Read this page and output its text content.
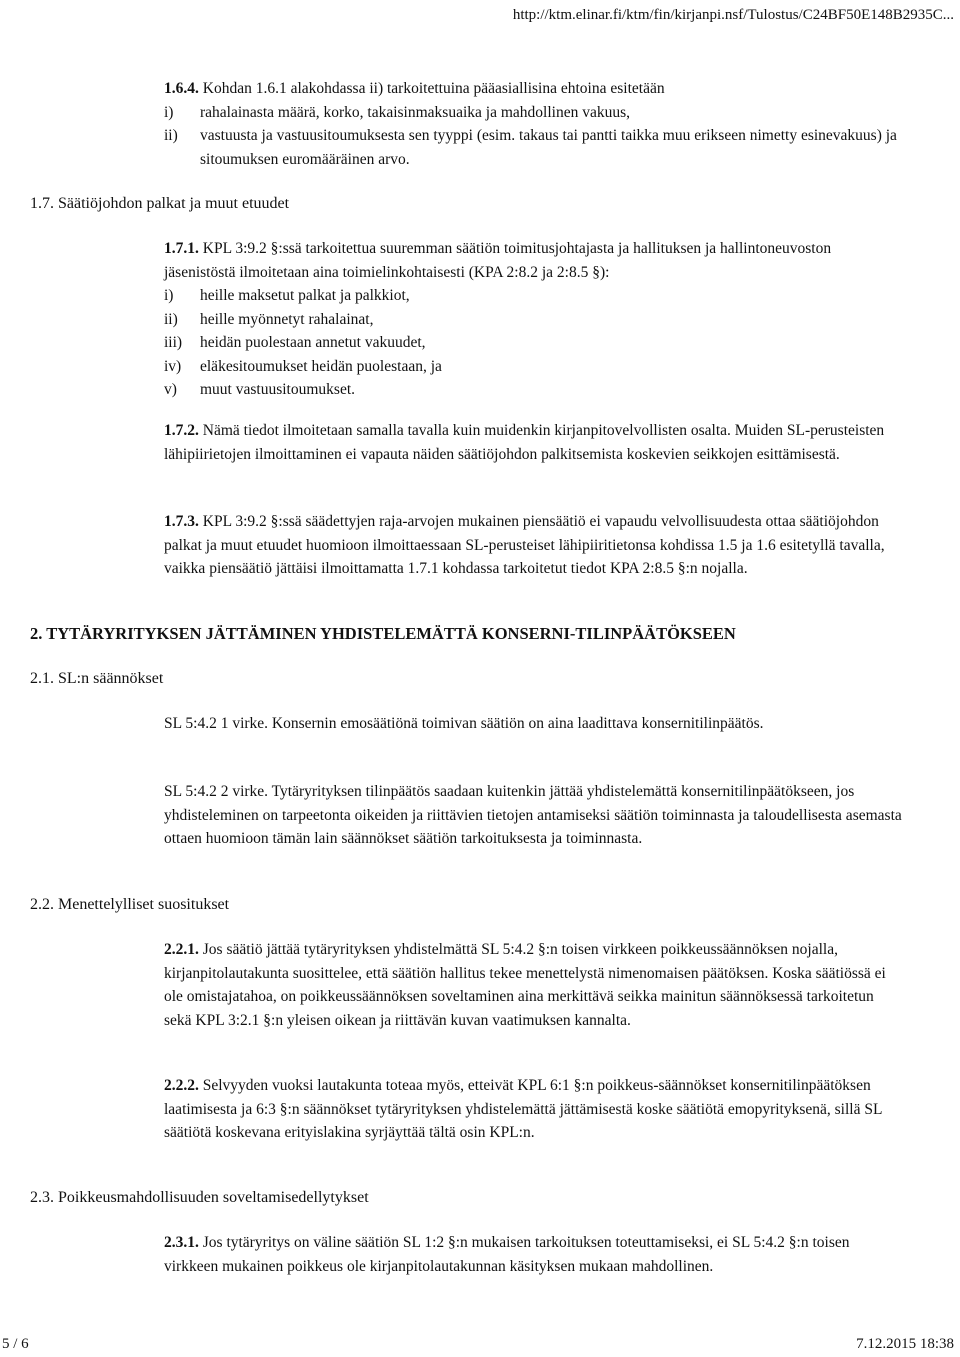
http://ktm.elinar.fi/ktm/fin/kirjanpi.nsf/Tulostus/C24BF50E148B2935C...

1.6.4. Kohdan 1.6.1 alakohdassa ii) tarkoitettuina pääasiallisina ehtoina esitetään

i)	rahalainasta määrä, korko, takaisinmaksuaika ja mahdollinen vakuus,
ii)	vastuusta ja vastuusitoumuksesta sen tyyppi (esim. takaus tai pantti taikka muu erikseen nimetty esinevakuus) ja sitoumuksen euromääräinen arvo.
1.7. Säätiöjohdon palkat ja muut etuudet

1.7.1. KPL 3:9.2 §:ssä tarkoitettua suuremman säätiön toimitusjohtajasta ja hallituksen ja hallintoneuvoston jäsenistöstä ilmoitetaan aina toimielinkohtaisesti (KPA 2:8.2 ja 2:8.5 §):

i)	heille maksetut palkat ja palkkiot,
ii)	heille myönnetyt rahalainat,
iii)	heidän puolestaan annetut vakuudet,
iv)	eläkesitoumukset heidän puolestaan, ja
v)	muut vastuusitoumukset.

1.7.2. Nämä tiedot ilmoitetaan samalla tavalla kuin muidenkin kirjanpitovelvollisten osalta. Muiden SL-perusteisten lähipiirietojen ilmoittaminen ei vapauta näiden säätiöjohdon palkitsemista koskevien seikkojen esittämisestä.

1.7.3. KPL 3:9.2 §:ssä säädettyjen raja-arvojen mukainen piensäätiö ei vapaudu velvollisuudesta ottaa säätiöjohdon palkat ja muut etuudet huomioon ilmoittaessaan SL-perusteiset lähipiiritietonsa kohdissa 1.5 ja 1.6 esitetyllä tavalla, vaikka piensäätiö jättäisi ilmoittamatta 1.7.1 kohdassa tarkoitetut tiedot KPA 2:8.5 §:n nojalla.

2. TYTÄRYRITYKSEN JÄTTÄMINEN YHDISTELEMÄTTÄ KONSERNI-TILINPÄÄTÖKSEEN
2.1. SL:n säännökset

SL 5:4.2 1 virke. Konsernin emosäätiönä toimivan säätiön on aina laadittava konsernitilinpäätös.

SL 5:4.2 2 virke. Tytäryrityksen tilinpäätös saadaan kuitenkin jättää yhdistelemättä konsernitilinpäätökseen, jos yhdisteleminen on tarpeetonta oikeiden ja riittävien tietojen antamiseksi säätiön toiminnasta ja taloudellisesta asemasta ottaen huomioon tämän lain säännökset säätiön tarkoituksesta ja toiminnasta.

2.2. Menettelylliset suositukset

2.2.1. Jos säätiö jättää tytäryrityksen yhdistelmättä SL 5:4.2 §:n toisen virkkeen poikkeussäännöksen nojalla, kirjanpitolautakunta suosittelee, että säätiön hallitus tekee menettelystä nimenomaisen päätöksen. Koska säätiössä ei ole omistajatahoa, on poikkeussäännöksen soveltaminen aina merkittävä seikka mainitun säännöksessä tarkoitetun sekä KPL 3:2.1 §:n yleisen oikean ja riittävän kuvan vaatimuksen kannalta.

2.2.2. Selvyyden vuoksi lautakunta toteaa myös, etteivät KPL 6:1 §:n poikkeus-säännökset konsernitilinpäätöksen laatimisesta ja 6:3 §:n säännökset tytäryrityksen yhdistelemättä jättämisestä koske säätiötä emopyrityksenä, sillä SL säätiötä koskevana erityislakina syrjäyttää tältä osin KPL:n.

2.3. Poikkeusmahdollisuuden soveltamisedellytykset

2.3.1. Jos tytäryritys on väline säätiön SL 1:2 §:n mukaisen tarkoituksen toteuttamiseksi, ei SL 5:4.2 §:n toisen virkkeen mukainen poikkeus ole kirjanpitolautakunnan käsityksen mukaan mahdollinen.

5 / 6	7.12.2015 18:38
